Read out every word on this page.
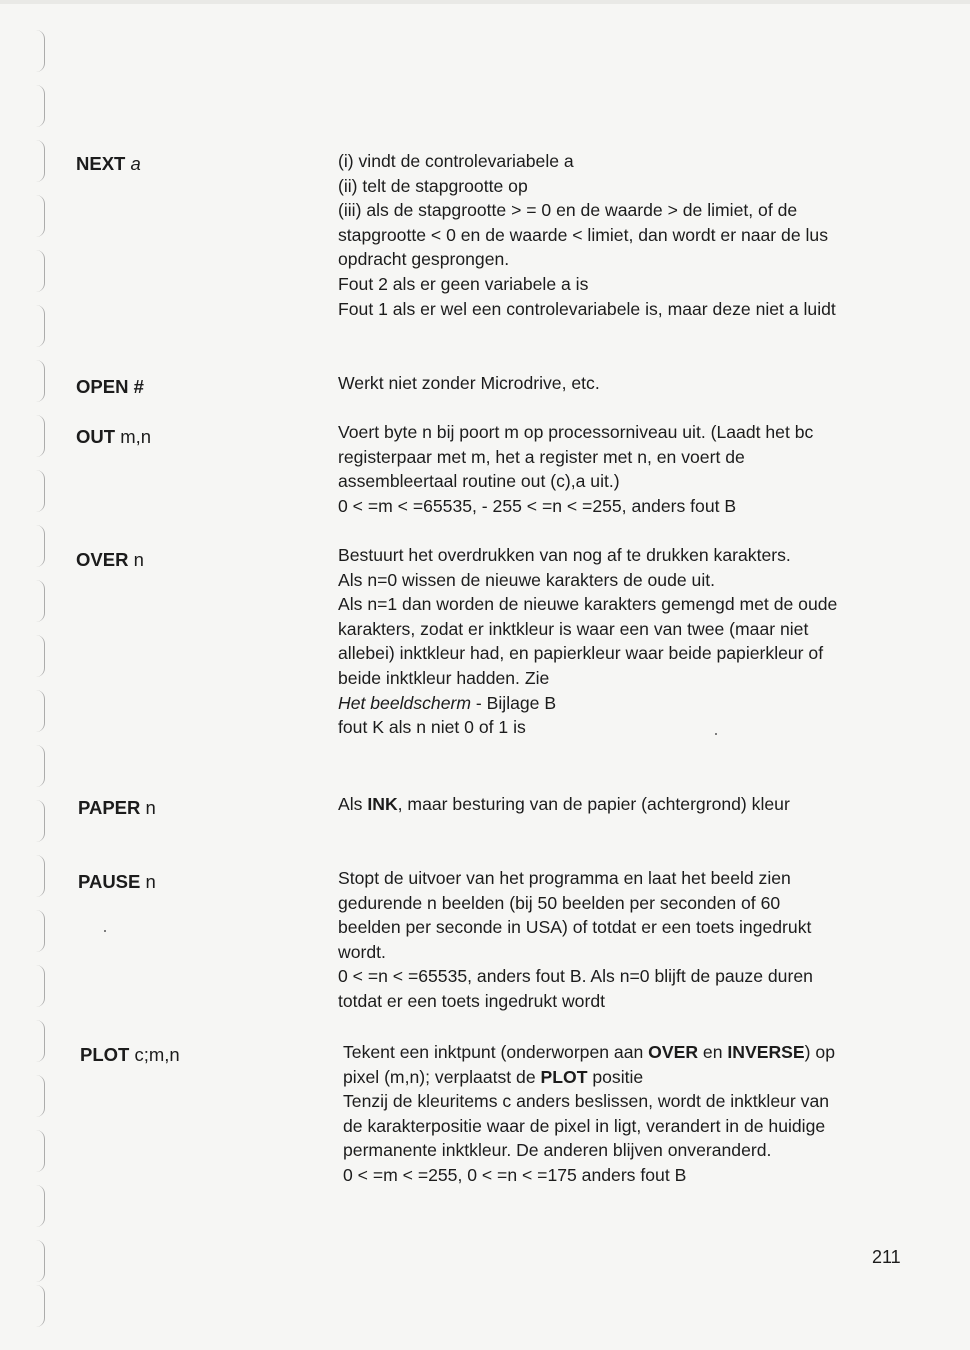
NEXT a	(i) vindt de controlevariabele a

(ii) telt de stapgrootte op

(iii) als de stapgrootte > = 0 en de waarde > de limiet, of de stapgrootte < 0 en de waarde < limiet, dan wordt er naar de lus opdracht gesprongen.

Fout 2 als er geen variabele a is

Fout 1 als er wel een controlevariabele is, maar deze niet a luidt

OPEN #	Werkt niet zonder Microdrive, etc.

OUT m,n	Voert byte n bij poort m op processorniveau uit. (Laadt het bc registerpaar met m, het a register met n, en voert de assembleertaal routine out (c),a uit.)

0 < =m < =65535, - 255 < =n < =255, anders fout B

OVER n	Bestuurt het overdrukken van nog af te drukken karakters.

Als n=0 wissen de nieuwe karakters de oude uit.

Als n=1 dan worden de nieuwe karakters gemengd met de oude karakters, zodat er inktkleur is waar een van twee (maar niet allebei) inktkleur had, en papierkleur waar beide papierkleur of beide inktkleur hadden. Zie

Het beeldscherm - Bijlage B

fout K als n niet 0 of 1 is

PAPER n	Als INK, maar besturing van de papier (achtergrond) kleur

PAUSE n	Stopt de uitvoer van het programma en laat het beeld zien gedurende n beelden (bij 50 beelden per seconden of 60 beelden per seconde in USA) of totdat er een toets ingedrukt wordt.

0 < =n < =65535, anders fout B. Als n=0 blijft de pauze duren totdat er een toets ingedrukt wordt

PLOT c;m,n	Tekent een inktpunt (onderworpen aan OVER en INVERSE) op pixel (m,n); verplaatst de PLOT positie

Tenzij de kleuritems c anders beslissen, wordt de inktkleur van de karakterpositie waar de pixel in ligt, verandert in de huidige permanente inktkleur. De anderen blijven onveranderd.

0 < =m < =255, 0 < =n < =175 anders fout B

211
